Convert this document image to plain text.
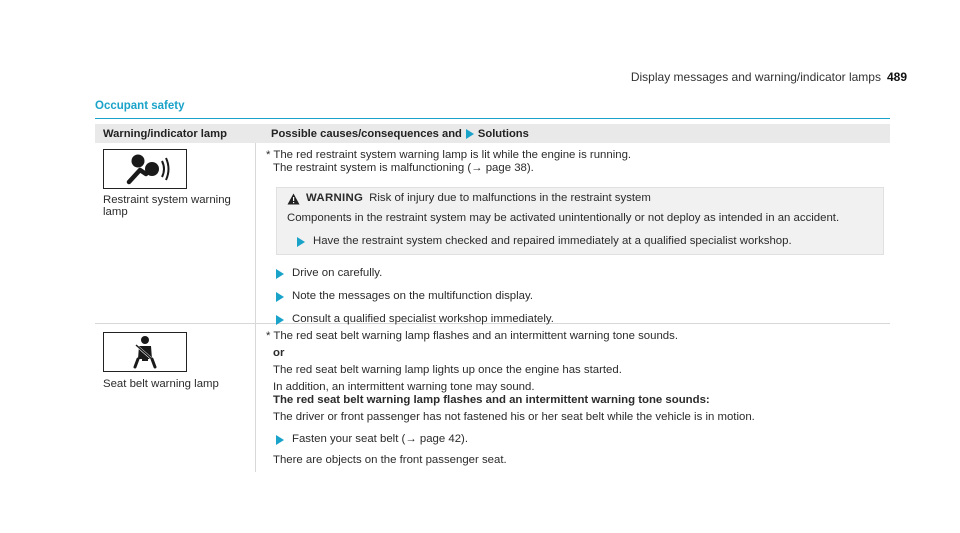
Display messages and warning/indicator lamps 489
Occupant safety
Warning/indicator lamp	Possible causes/consequences and Solutions
Restraint system warning lamp

* The red restraint system warning lamp is lit while the engine is running.

The restraint system is malfunctioning (→ page 38).

WARNING Risk of injury due to malfunctions in the restraint system
Components in the restraint system may be activated unintentionally or not deploy as intended in an accident.
Have the restraint system checked and repaired immediately at a qualified specialist workshop.
Drive on carefully.
Note the messages on the multifunction display.
Consult a qualified specialist workshop immediately.
Seat belt warning lamp

* The red seat belt warning lamp flashes and an intermittent warning tone sounds.

or

The red seat belt warning lamp lights up once the engine has started.

In addition, an intermittent warning tone may sound.

The red seat belt warning lamp flashes and an intermittent warning tone sounds:

The driver or front passenger has not fastened his or her seat belt while the vehicle is in motion.

Fasten your seat belt (→ page 42).

There are objects on the front passenger seat.
